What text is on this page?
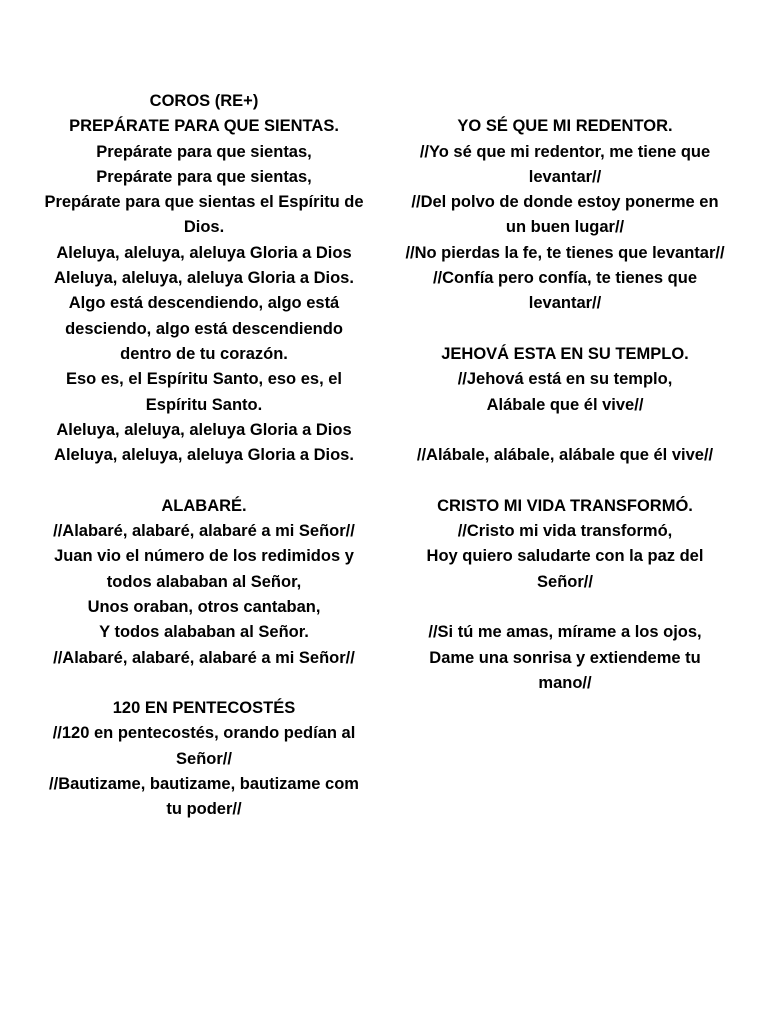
COROS (RE+)
PREPÁRATE PARA QUE SIENTAS.
Prepárate para que sientas,
Prepárate para que sientas,
Prepárate para que sientas el Espíritu de Dios.
Aleluya, aleluya, aleluya Gloria a Dios
Aleluya, aleluya, aleluya Gloria a Dios.
Algo está descendiendo, algo está desciendo, algo está descendiendo dentro de tu corazón.
Eso es, el Espíritu Santo, eso es, el Espíritu Santo.
Aleluya, aleluya, aleluya Gloria a Dios
Aleluya, aleluya, aleluya Gloria a Dios.
ALABARÉ.
//Alabaré, alabaré, alabaré a mi Señor//
Juan vio el número de los redimidos y todos alababan al Señor,
Unos oraban, otros cantaban,
Y todos alababan al Señor.
//Alabaré, alabaré, alabaré a mi Señor//
120 EN PENTECOSTÉS
//120 en pentecostés, orando pedían al Señor//
//Bautizame, bautizame, bautizame com tu poder//
YO SÉ QUE MI REDENTOR.
//Yo sé que mi redentor, me tiene que levantar//
//Del polvo de donde estoy ponerme en un buen lugar//
//No pierdas la fe, te tienes que levantar//
//Confía pero confía, te tienes que levantar//
JEHOVÁ ESTA EN SU TEMPLO.
//Jehová está en su templo,
Alábale que él vive//
//Alábale, alábale, alábale que él vive//
CRISTO MI VIDA TRANSFORMÓ.
//Cristo mi vida transformó,
Hoy quiero saludarte con la paz del Señor//
//Si tú me amas, mírame a los ojos,
Dame una sonrisa y extiendeme tu mano//
